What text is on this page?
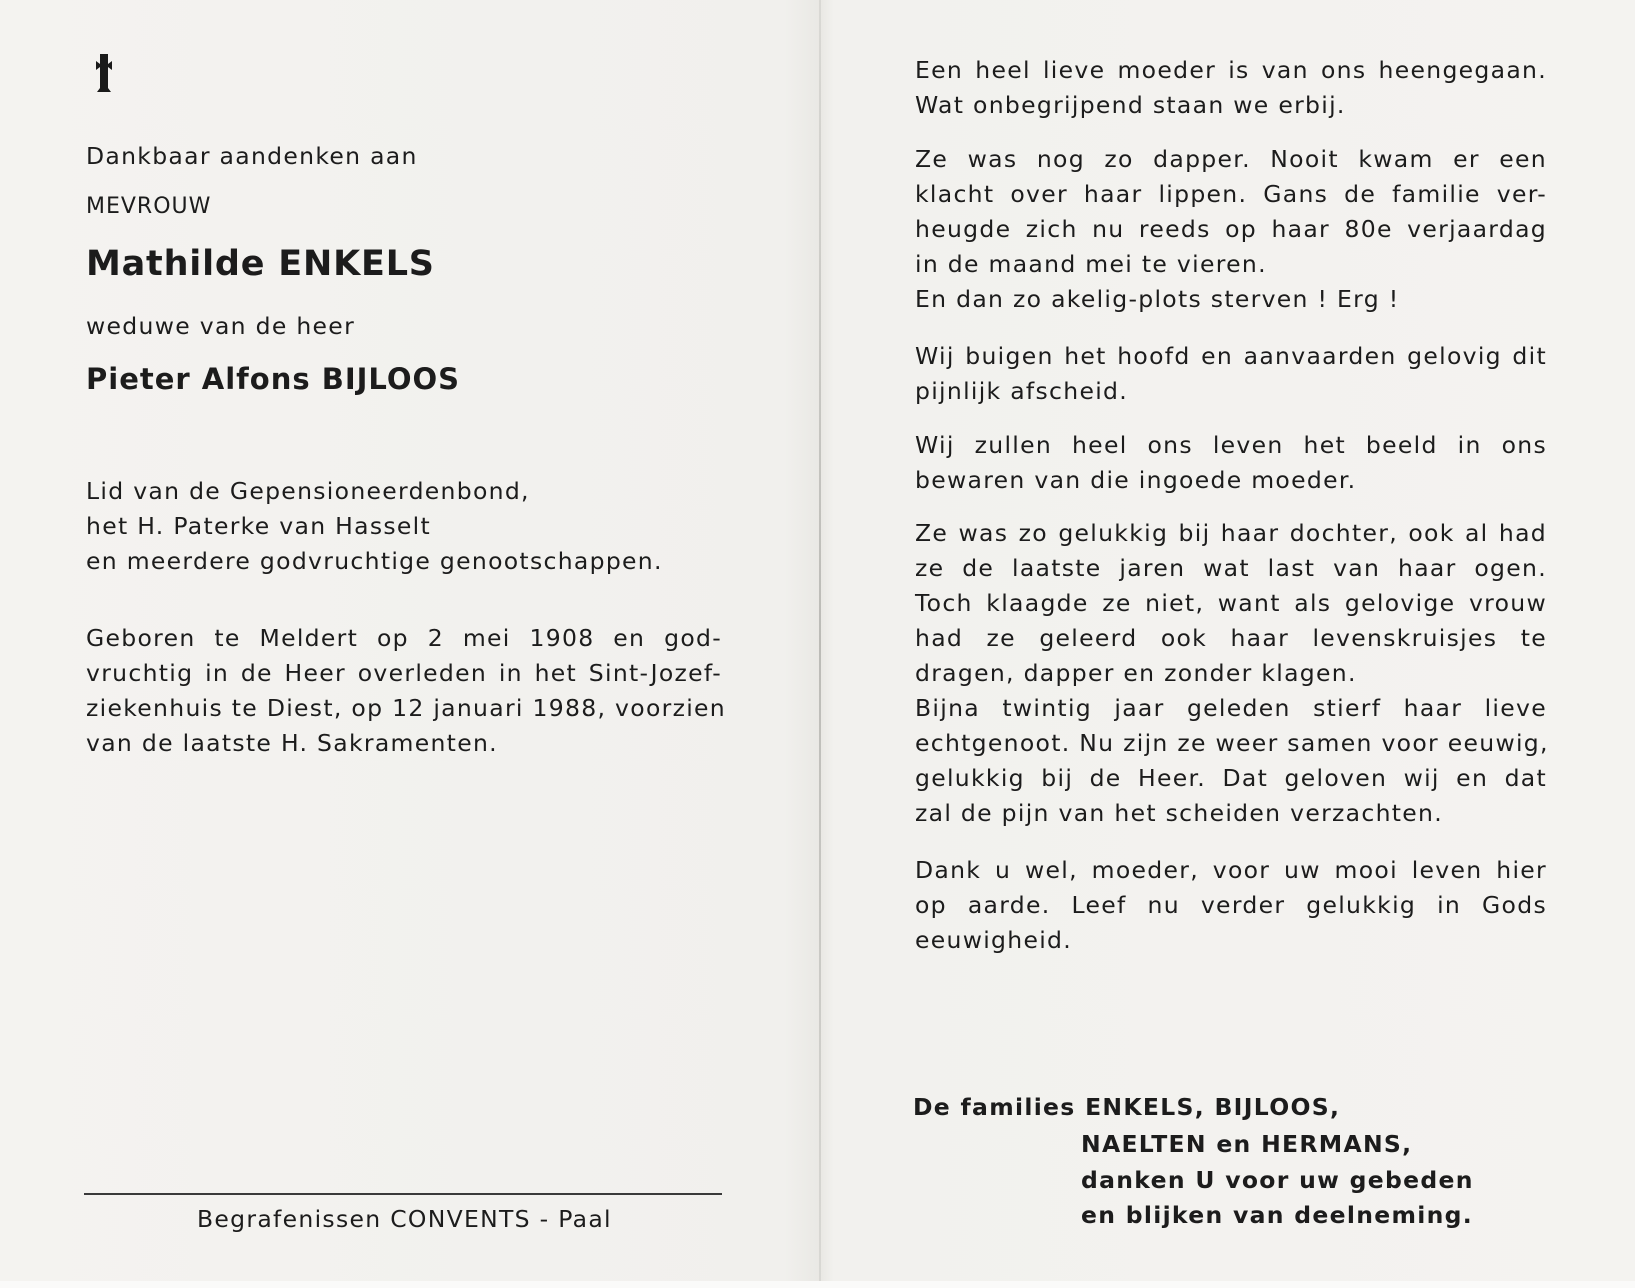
Dankbaar aandenken aan
MEVROUW
Mathilde ENKELS
weduwe van de heer
Pieter Alfons BIJLOOS
Lid van de Gepensioneerdenbond,
het H. Paterke van Hasselt
en meerdere godvruchtige genootschappen.
Geboren te Meldert op 2 mei 1908 en god-
vruchtig in de Heer overleden in het Sint-Jozef-
ziekenhuis te Diest, op 12 januari 1988, voorzien
van de laatste H. Sakramenten.
Begrafenissen CONVENTS - Paal
Een heel lieve moeder is van ons heengegaan.
Wat onbegrijpend staan we erbij.
Ze was nog zo dapper. Nooit kwam er een
klacht over haar lippen. Gans de familie ver-
heugde zich nu reeds op haar 80e verjaardag
in de maand mei te vieren.
En dan zo akelig-plots sterven ! Erg !
Wij buigen het hoofd en aanvaarden gelovig dit
pijnlijk afscheid.
Wij zullen heel ons leven het beeld in ons
bewaren van die ingoede moeder.
Ze was zo gelukkig bij haar dochter, ook al had
ze de laatste jaren wat last van haar ogen.
Toch klaagde ze niet, want als gelovige vrouw
had ze geleerd ook haar levenskruisjes te
dragen, dapper en zonder klagen.
Bijna twintig jaar geleden stierf haar lieve
echtgenoot. Nu zijn ze weer samen voor eeuwig,
gelukkig bij de Heer. Dat geloven wij en dat
zal de pijn van het scheiden verzachten.
Dank u wel, moeder, voor uw mooi leven hier
op aarde. Leef nu verder gelukkig in Gods
eeuwigheid.
De families ENKELS, BIJLOOS,
NAELTEN en HERMANS,
danken U voor uw gebeden
en blijken van deelneming.
